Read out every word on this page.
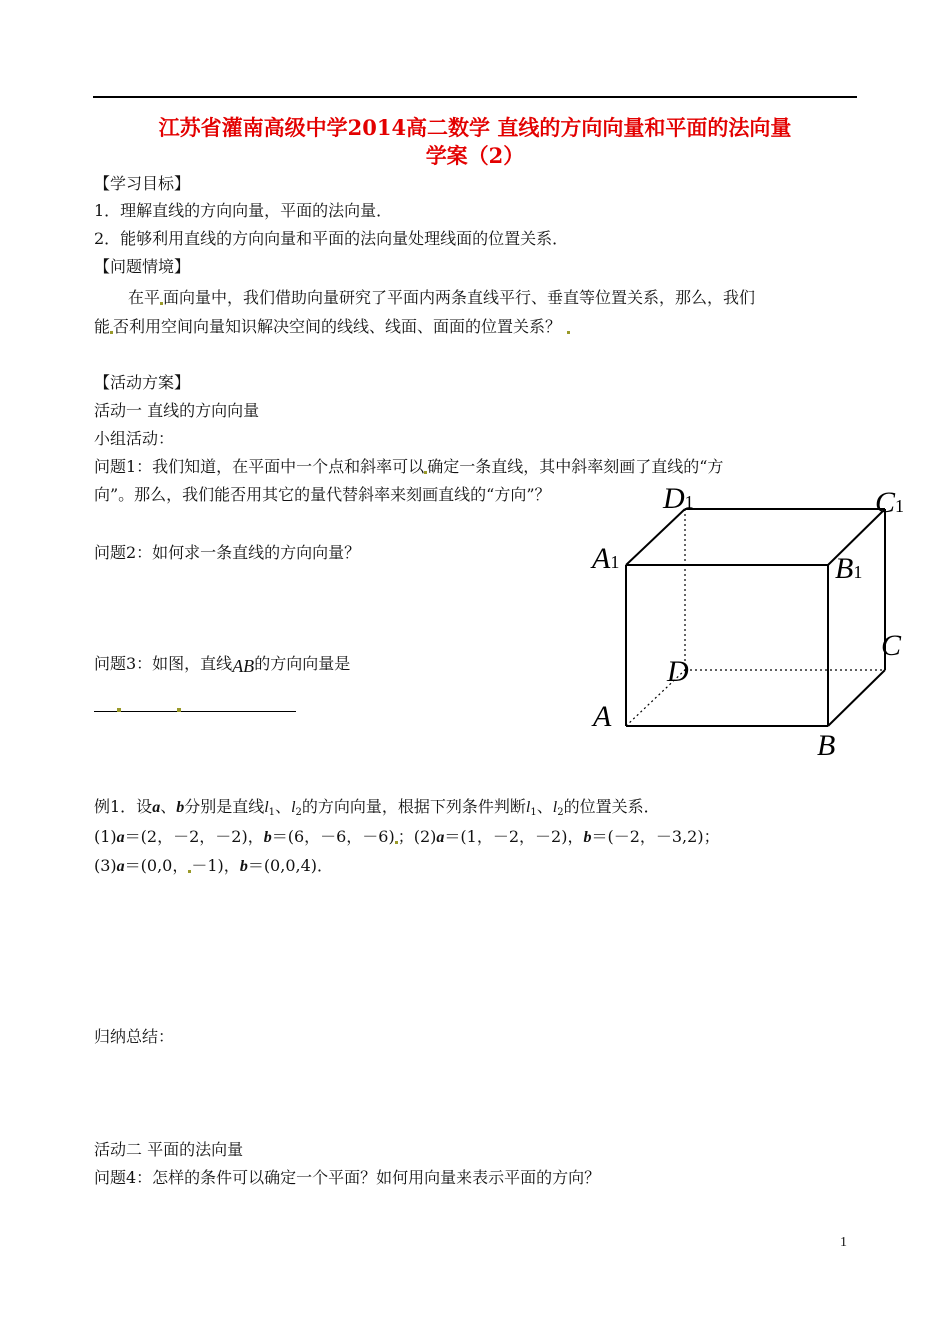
江苏省灌南高级中学2014高二数学 直线的方向向量和平面的法向量
学案（2）
【学习目标】
1．理解直线的方向向量，平面的法向量．
2．能够利用直线的方向向量和平面的法向量处理线面的位置关系．
【问题情境】
在平 面向量中，我们借助向量研究了平面内两条直线平行、垂直等位置关系，那么，我们
能 否利用空间向量知识解决空间的线线、线面、面面的位置关系？
【活动方案】
活动一 直线的方向向量
小组活动：
问题1：我们知道，在平面中一个点和斜率可以 确定一条直线，其中斜率刻画了直线的“方
向”。那么，我们能否用其它的量代替斜率来刻画直线的“方向”？
问题2：如何求一条直线的方向向量？
问题3：如图，直线AB的方向向量是
D1	C1
A1	B1
C
D
A
B
例1．设a、b分别是直线$l_1$、$l_2$的方向向量，根据下列条件判断$l_1$、$l_2$的位置关系．
(1)a＝(2，－2，－2)，b＝(6，－6，－6) ；(2)a＝(1，－2，－2)，b＝(－2，－3,2)；
(3)a＝(0,0， －1)，b＝(0,0,4)．
归纳总结：
活动二 平面的法向量
问题4：怎样的条件可以确定一个平面？如何用向量来表示平面的方向？
1
